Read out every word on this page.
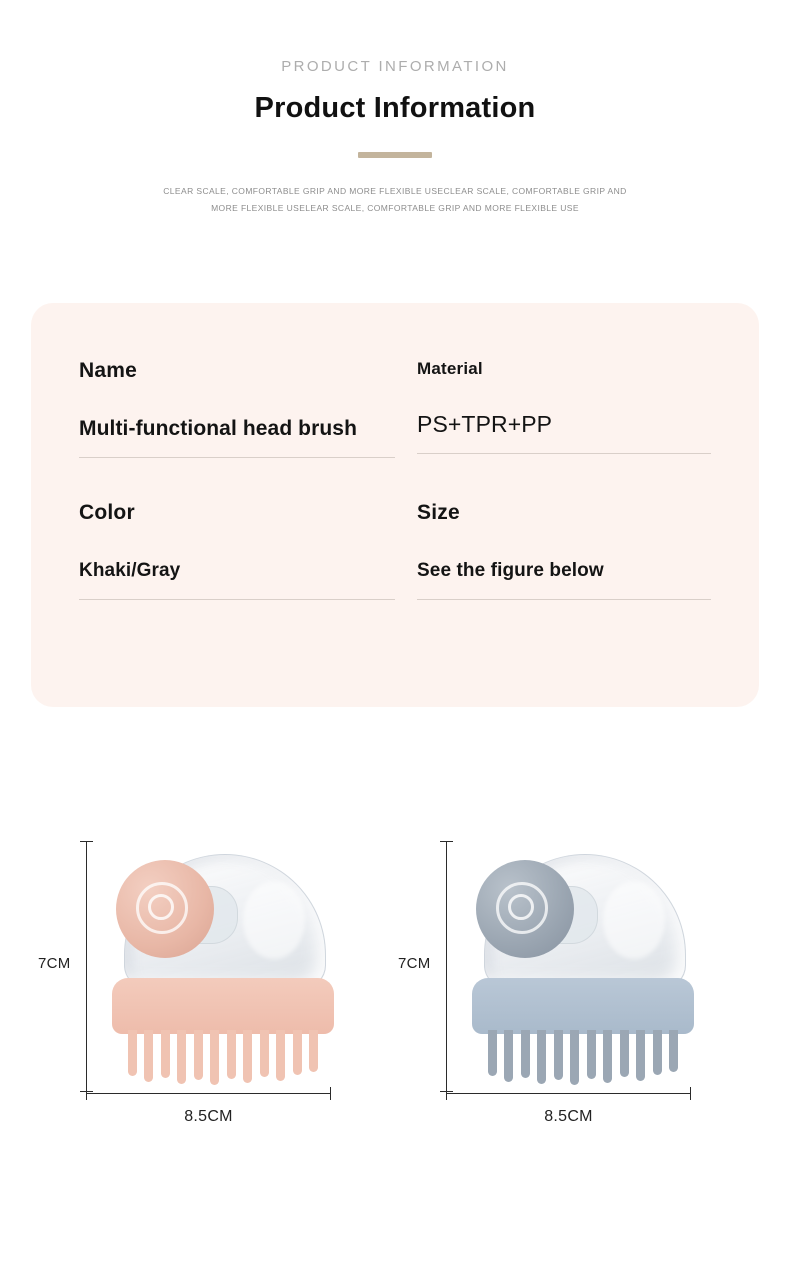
PRODUCT INFORMATION
Product Information
CLEAR SCALE, COMFORTABLE GRIP AND MORE FLEXIBLE USECLEAR SCALE, COMFORTABLE GRIP AND MORE FLEXIBLE USELEAR SCALE, COMFORTABLE GRIP AND MORE FLEXIBLE USE
Name
Multi-functional head brush
Material
PS+TPR+PP
Color
Khaki/Gray
Size
See the figure below
7CM
8.5CM
7CM
8.5CM
